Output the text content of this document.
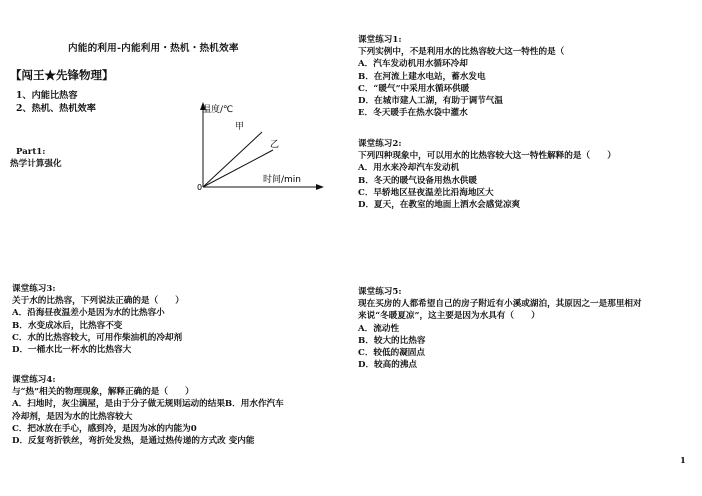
内能的利用-内能利用・热机・热机效率
【闯王★先锋物理】
1、内能比热容
2、热机、热机效率
Part1:
热学计算强化
温度/℃
时间/min
0
甲
乙
课堂练习1:
下列实例中，不是利用水的比热容较大这一特性的是（
A．汽车发动机用水循环冷却
B．在河流上建水电站，蓄水发电
C．“暖气”中采用水循环供暖
D．在城市建人工湖，有助于调节气温
E．冬天暖手在热水袋中灌水
课堂练习2:
下列四种现象中，可以用水的比热容较大这一特性解释的是（　　）
A．用水来冷却汽车发动机
B．冬天的暖气设备用热水供暖
C．早轿地区昼夜温差比沿海地区大
D．夏天，在教室的地面上洒水会感觉凉爽
课堂练习3:
关于水的比热容，下列说法正确的是（　　）
A．沿海昼夜温差小是因为水的比热容小
B．水变成冰后，比热容不变
C．水的比热容较大，可用作柴油机的冷却剂
D．一桶水比一杯水的比热容大
课堂练习4:
与“热”相关的物理现象，解释正确的是（　　）
A．扫地时，灰尘满屋，是由于分子做无规则运动的结果B．用水作汽车
冷却剂，是因为水的比热容较大
C．把冰放在手心，感到冷，是因为冰的内能为0
D．反复弯折铁丝，弯折处发热，是通过热传递的方式改 变内能
课堂练习5:
现在买房的人都希望自己的房子附近有小溪或湖泊，其原因之一是那里相对
来说“冬暖夏凉”，这主要是因为水具有（　　）
A．流动性
B．较大的比热容
C．较低的凝固点
D．较高的沸点
1
